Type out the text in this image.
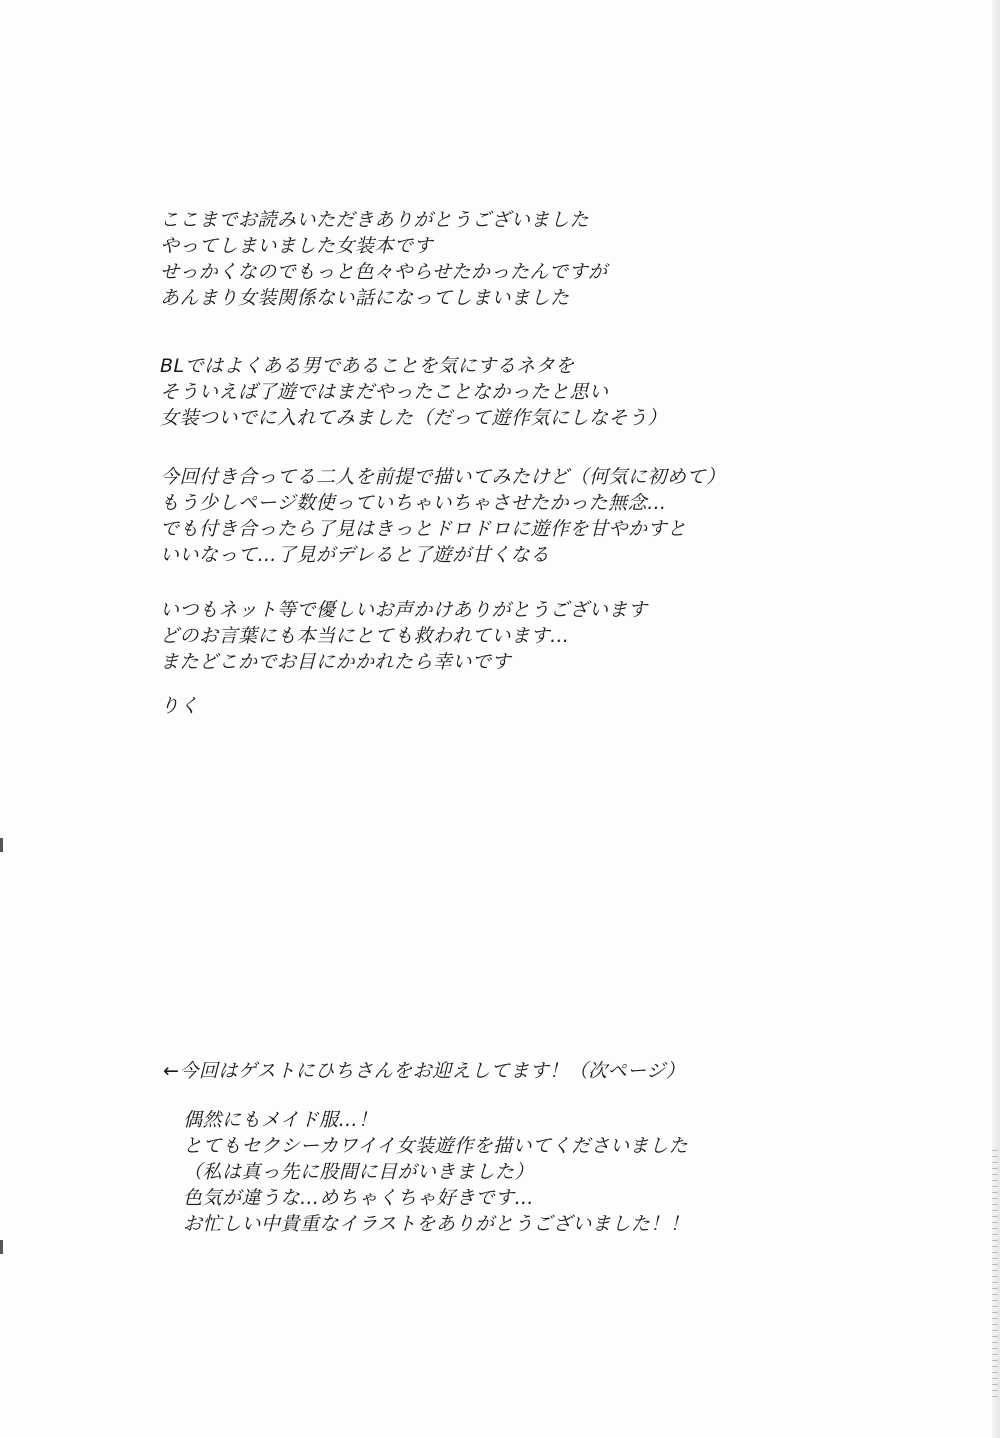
ここまでお読みいただきありがとうございました
やってしまいました女装本です
せっかくなのでもっと色々やらせたかったんですが
あんまり女装関係ない話になってしまいました
BLではよくある男であることを気にするネタを
そういえば了遊ではまだやったことなかったと思い
女装ついでに入れてみました（だって遊作気にしなそう）
今回付き合ってる二人を前提で描いてみたけど（何気に初めて）
もう少しページ数使っていちゃいちゃさせたかった無念…
でも付き合ったら了見はきっとドロドロに遊作を甘やかすと
いいなって…了見がデレると了遊が甘くなる
いつもネット等で優しいお声かけありがとうございます
どのお言葉にも本当にとても救われています…
またどこかでお目にかかれたら幸いです
りく
←今回はゲストにひちさんをお迎えしてます！（次ページ）
偶然にもメイド服…！
とてもセクシーカワイイ女装遊作を描いてくださいました
（私は真っ先に股間に目がいきました）
色気が違うな…めちゃくちゃ好きです…
お忙しい中貴重なイラストをありがとうございました！！
